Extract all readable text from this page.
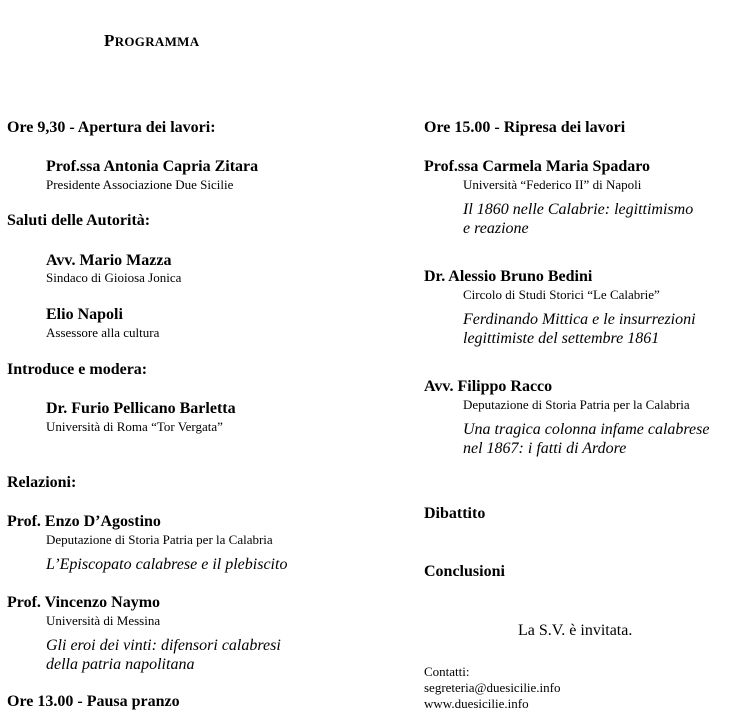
PROGRAMMA
Ore 9,30 - Apertura dei lavori:
Prof.ssa Antonia Capria Zitara
Presidente Associazione Due Sicilie
Saluti delle Autorità:
Avv. Mario Mazza
Sindaco di Gioiosa Jonica
Elio Napoli
Assessore alla cultura
Introduce e modera:
Dr. Furio Pellicano Barletta
Università di Roma “Tor Vergata”
Relazioni:
Prof. Enzo D’Agostino
Deputazione di Storia Patria per la Calabria
L’Episcopato calabrese e il plebiscito
Prof. Vincenzo Naymo
Università di Messina
Gli eroi dei vinti: difensori calabresi
della patria napolitana
Ore 13.00 - Pausa pranzo
Ore 15.00 - Ripresa dei lavori
Prof.ssa Carmela Maria Spadaro
Università “Federico II” di Napoli
Il 1860 nelle Calabrie: legittimismo
e reazione
Dr. Alessio Bruno Bedini
Circolo di Studi Storici “Le Calabrie”
Ferdinando Mittica e le insurrezioni
legittimiste del settembre 1861
Avv. Filippo Racco
Deputazione di Storia Patria per la Calabria
Una tragica colonna infame calabrese
nel 1867: i fatti di Ardore
Dibattito
Conclusioni
La S.V. è invitata.
Contatti:
segreteria@duesicilie.info
www.duesicilie.info
